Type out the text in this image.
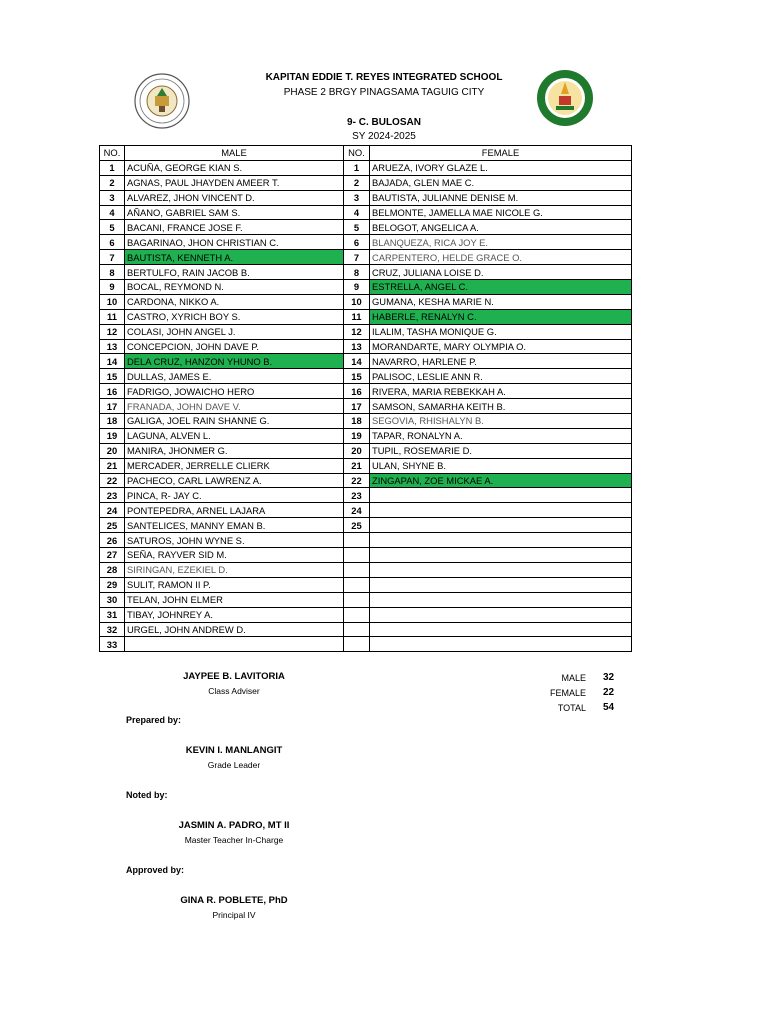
KAPITAN EDDIE T. REYES INTEGRATED SCHOOL
PHASE 2 BRGY PINAGSAMA TAGUIG CITY
9- C. BULOSAN
SY 2024-2025
NO.	MALE	NO.	FEMALE
1	ACUÑA, GEORGE KIAN S.	1	ARUEZA, IVORY GLAZE L.
2	AGNAS, PAUL JHAYDEN AMEER T.	2	BAJADA, GLEN MAE C.
3	ALVAREZ, JHON VINCENT D.	3	BAUTISTA, JULIANNE DENISE M.
4	AÑANO, GABRIEL SAM S.	4	BELMONTE, JAMELLA MAE NICOLE G.
5	BACANI, FRANCE JOSE F.	5	BELOGOT, ANGELICA A.
6	BAGARINAO, JHON CHRISTIAN C.	6	BLANQUEZA, RICA JOY E.
7	BAUTISTA, KENNETH A.	7	CARPENTERO, HELDE GRACE O.
8	BERTULFO, RAIN JACOB B.	8	CRUZ, JULIANA LOISE D.
9	BOCAL, REYMOND N.	9	ESTRELLA, ANGEL C.
10	CARDONA, NIKKO A.	10	GUMANA, KESHA MARIE N.
11	CASTRO, XYRICH BOY S.	11	HABERLE, RENALYN C.
12	COLASI, JOHN ANGEL J.	12	ILALIM, TASHA MONIQUE G.
13	CONCEPCION, JOHN DAVE P.	13	MORANDARTE, MARY OLYMPIA O.
14	DELA CRUZ, HANZON YHUNO B.	14	NAVARRO, HARLENE P.
15	DULLAS, JAMES E.	15	PALISOC, LESLIE ANN R.
16	FADRIGO, JOWAICHO HERO	16	RIVERA, MARIA REBEKKAH A.
17	FRANADA, JOHN DAVE V.	17	SAMSON, SAMARHA KEITH B.
18	GALIGA, JOEL RAIN SHANNE G.	18	SEGOVIA, RHISHALYN B.
19	LAGUNA, ALVEN L.	19	TAPAR, RONALYN A.
20	MANIRA, JHONMER G.	20	TUPIL, ROSEMARIE D.
21	MERCADER, JERRELLE CLIERK	21	ULAN, SHYNE B.
22	PACHECO, CARL LAWRENZ A.	22	ZINGAPAN, ZOE MICKAE A.
23	PINCA, R- JAY C.	23	
24	PONTEPEDRA, ARNEL LAJARA	24	
25	SANTELICES, MANNY EMAN B.	25	
26	SATUROS, JOHN WYNE S.		
27	SEÑA, RAYVER SID M.		
28	SIRINGAN, EZEKIEL D.		
29	SULIT, RAMON II P.		
30	TELAN, JOHN ELMER		
31	TIBAY, JOHNREY A.		
32	URGEL, JOHN ANDREW D.		
33			
JAYPEE B. LAVITORIA
Class Adviser
MALE 32
FEMALE 22
TOTAL 54
Prepared by:
KEVIN I. MANLANGIT
Grade Leader
Noted by:
JASMIN A. PADRO, MT II
Master Teacher In-Charge
Approved by:
GINA R. POBLETE, PhD
Principal IV
